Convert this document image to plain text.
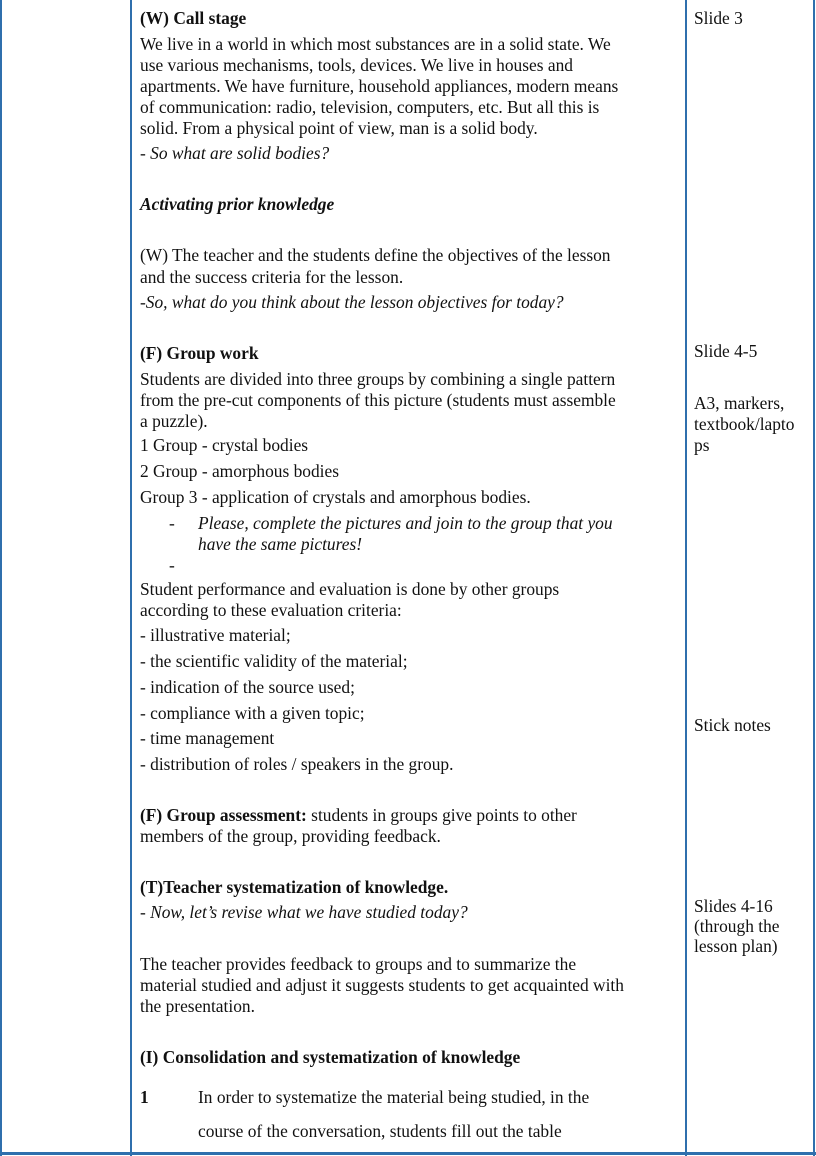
(W) Call stage
We live in a world in which most substances are in a solid state. We
use various mechanisms, tools, devices. We live in houses and
apartments. We have furniture, household appliances, modern means
of communication: radio, television, computers, etc. But all this is
solid. From a physical point of view, man is a solid body.
- So what are solid bodies?
Activating prior knowledge
(W) The teacher and the students define the objectives of the lesson
and the success criteria for the lesson.
-So, what do you think about the lesson objectives for today?
(F) Group work
Students are divided into three groups by combining a single pattern
from the pre-cut components of this picture (students must assemble
a puzzle).
1 Group - crystal bodies
2 Group - amorphous bodies
Group 3 - application of crystals and amorphous bodies.
- Please, complete the pictures and join to the group that you
have the same pictures!
-
Student performance and evaluation is done by other groups
according to these evaluation criteria:
- illustrative material;
- the scientific validity of the material;
- indication of the source used;
- compliance with a given topic;
- time management
- distribution of roles / speakers in the group.
(F) Group assessment: students in groups give points to other
members of the group, providing feedback.
(T)Teacher systematization of knowledge.
- Now, let’s revise what we have studied today?
The teacher provides feedback to groups and to summarize the
material studied and adjust it suggests students to get acquainted with
the presentation.
(I) Consolidation and systematization of knowledge
1	In order to systematize the material being studied, in the
course of the conversation, students fill out the table
Slide 3
Slide 4-5
A3, markers,
textbook/lapto
ps
Stick notes
Slides 4-16
(through the
lesson plan)
